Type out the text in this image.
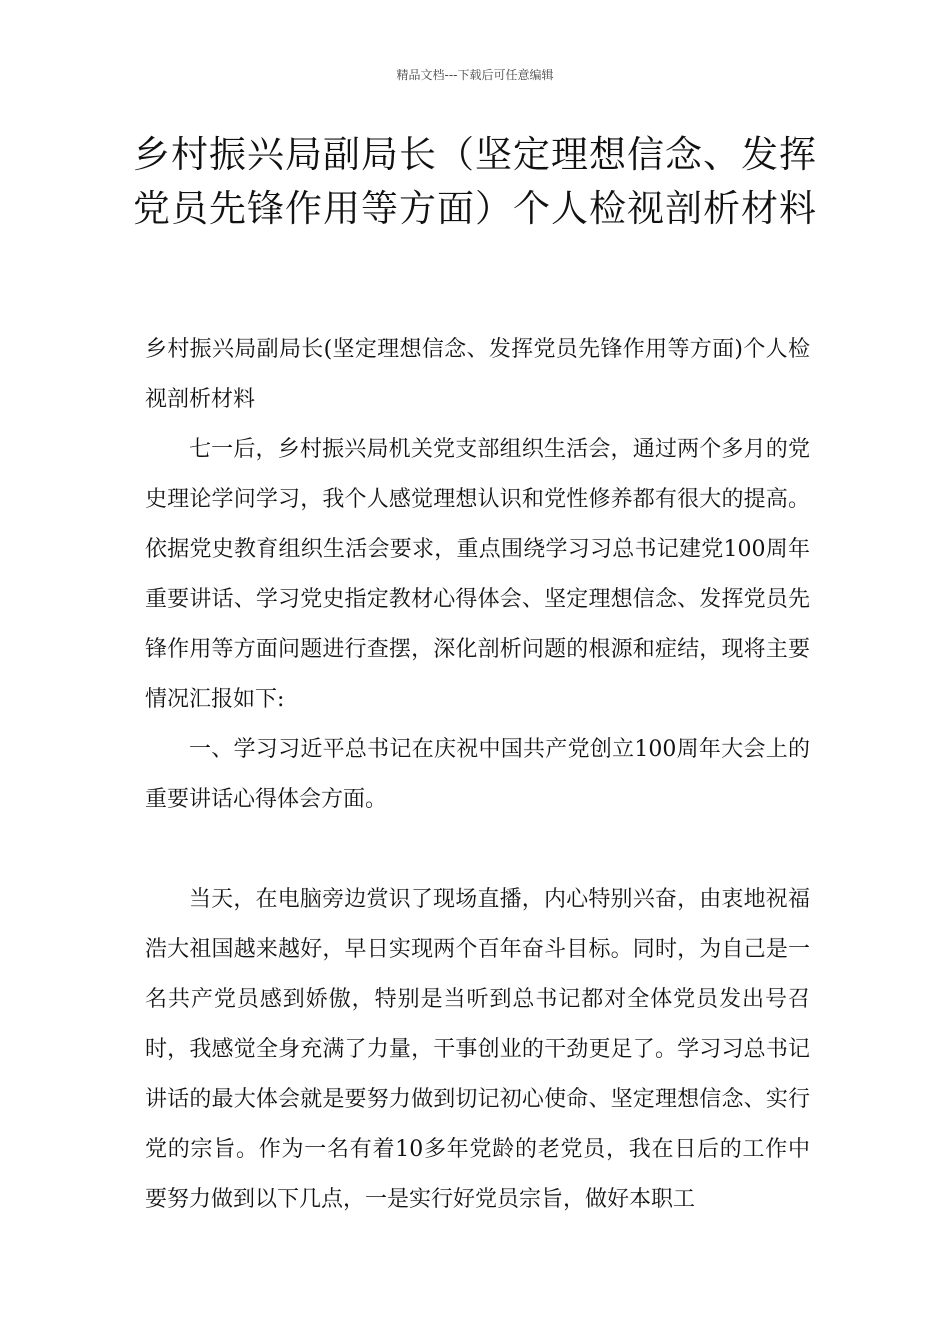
精品文档---下载后可任意编辑
乡村振兴局副局长（坚定理想信念、发挥党员先锋作用等方面）个人检视剖析材料

乡村振兴局副局长(坚定理想信念、发挥党员先锋作用等方面)个人检视剖析材料

七一后，乡村振兴局机关党支部组织生活会，通过两个多月的党史理论学问学习，我个人感觉理想认识和党性修养都有很大的提高。依据党史教育组织生活会要求，重点围绕学习习总书记建党100周年重要讲话、学习党史指定教材心得体会、坚定理想信念、发挥党员先锋作用等方面问题进行查摆，深化剖析问题的根源和症结，现将主要情况汇报如下:

一、学习习近平总书记在庆祝中国共产党创立100周年大会上的重要讲话心得体会方面。

当天，在电脑旁边赏识了现场直播，内心特别兴奋，由衷地祝福浩大祖国越来越好，早日实现两个百年奋斗目标。同时，为自己是一名共产党员感到娇傲，特别是当听到总书记都对全体党员发出号召时，我感觉全身充满了力量，干事创业的干劲更足了。学习习总书记讲话的最大体会就是要努力做到切记初心使命、坚定理想信念、实行党的宗旨。作为一名有着10多年党龄的老党员，我在日后的工作中要努力做到以下几点，一是实行好党员宗旨，做好本职工
